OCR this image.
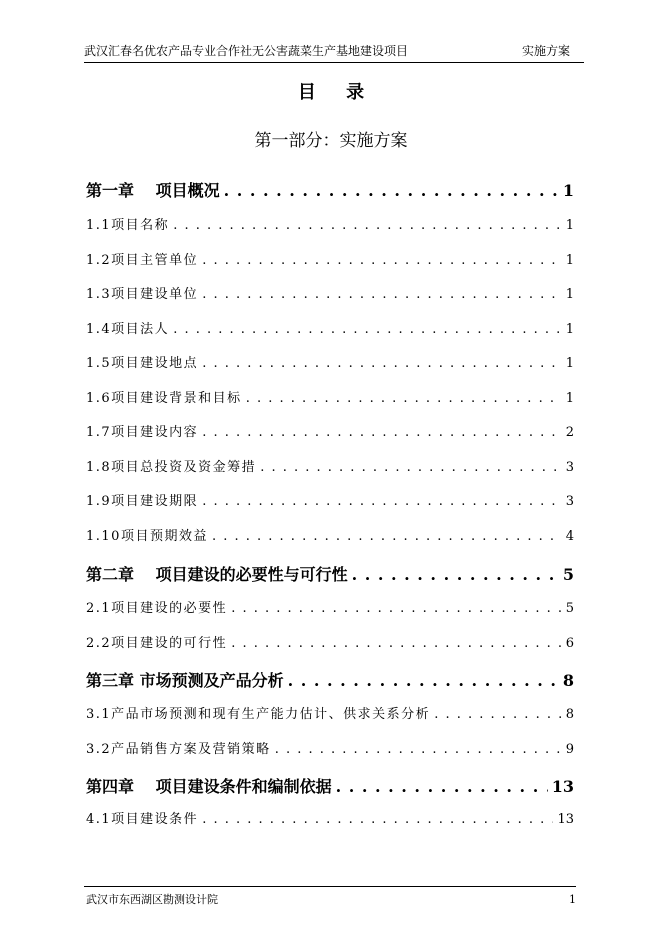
武汉汇春名优农产品专业合作社无公害蔬菜生产基地建设项目	实施方案
目 录
第一部分：实施方案
第一章　 项目概况 . . .	1
1.1项目名称 . . .	1
1.2项目主管单位 . . .	1
1.3项目建设单位 . . .	1
1.4项目法人 . . .	1
1.5项目建设地点 . . .	1
1.6项目建设背景和目标 . . .	1
1.7项目建设内容 . . .	2
1.8项目总投资及资金筹措 . . .	3
1.9项目建设期限 . . .	3
1.10项目预期效益 . . .	4
第二章　 项目建设的必要性与可行性 . . .	5
2.1项目建设的必要性 . . .	5
2.2项目建设的可行性 . . .	6
第三章 市场预测及产品分析 . . .	8
3.1产品市场预测和现有生产能力估计、供求关系分析 . . .	8
3.2产品销售方案及营销策略 . . .	9
第四章　 项目建设条件和编制依据 . . .	13
4.1项目建设条件 . . .	13
武汉市东西湖区勘测设计院	1
